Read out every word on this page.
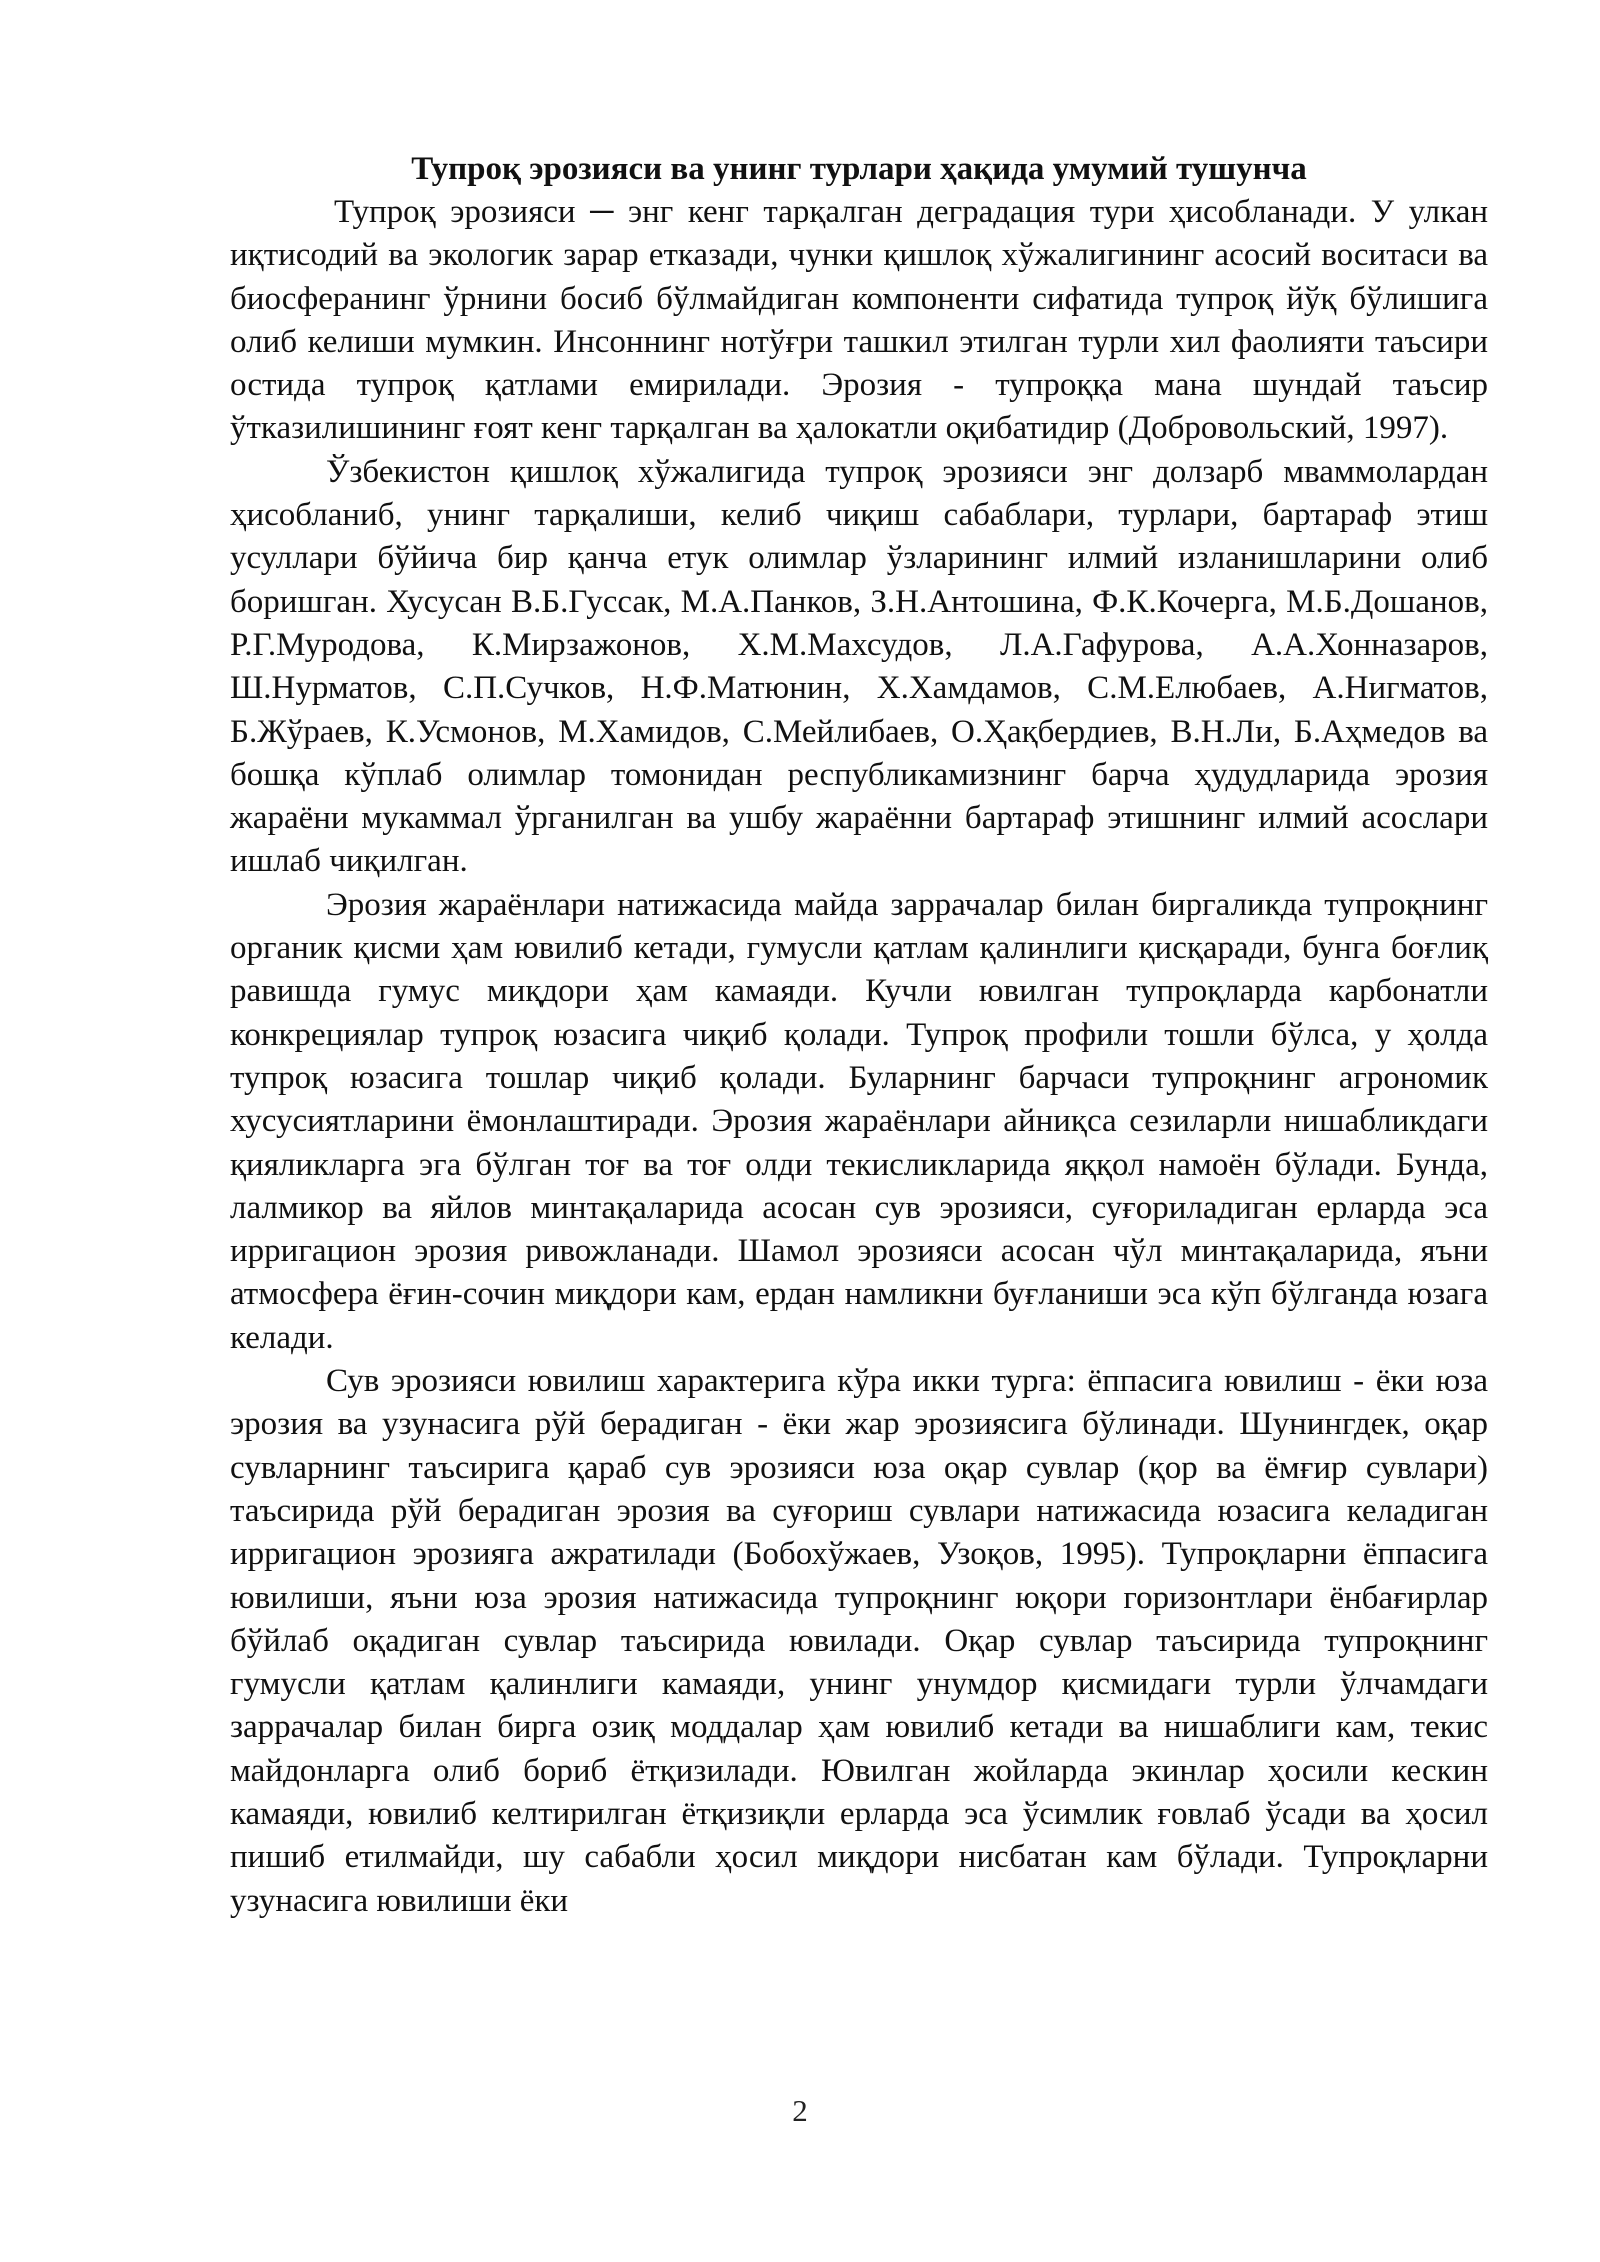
Тупроқ эрозияси ва унинг турлари ҳақида умумий тушунча

Тупроқ эрозияси ─ энг кенг тарқалган деградация тури ҳисобланади. У улкан иқтисодий ва экологик зарар етказади, чунки қишлоқ хўжалигининг асосий воситаси ва биосферанинг ўрнини босиб бўлмайдиган компоненти сифатида тупроқ йўқ бўлишига олиб келиши мумкин. Инсоннинг нотўғри ташкил этилган турли хил фаолияти таъсири остида тупроқ қатлами емирилади. Эрозия - тупроққа мана шундай таъсир ўтказилишининг ғоят кенг тарқалган ва ҳалокатли оқибатидир (Добровольский, 1997).

Ўзбекистон қишлоқ хўжалигида тупроқ эрозияси энг долзарб мваммолардан ҳисобланиб, унинг тарқалиши, келиб чиқиш сабаблари, турлари, бартараф этиш усуллари бўйича бир қанча етук олимлар ўзларининг илмий изланишларини олиб боришган. Хусусан В.Б.Гуссак, М.А.Панков, З.Н.Антошина, Ф.К.Кочерга, М.Б.Дошанов, Р.Г.Муродова, К.Мирзажонов, Х.М.Махсудов, Л.А.Гафурова, А.А.Хонназаров, Ш.Нурматов, С.П.Сучков, Н.Ф.Матюнин, Х.Хамдамов, С.М.Елюбаев, А.Нигматов, Б.Жўраев, К.Усмонов, М.Хамидов, С.Мейлибаев, О.Ҳақбердиев, В.Н.Ли, Б.Аҳмедов ва бошқа кўплаб олимлар томонидан республикамизнинг барча ҳудудларида эрозия жараёни мукаммал ўрганилган ва ушбу жараённи бартараф этишнинг илмий асослари ишлаб чиқилган.

Эрозия жараёнлари натижасида майда заррачалар билан биргаликда тупроқнинг органик қисми ҳам ювилиб кетади, гумусли қатлам қалинлиги қисқаради, бунга боғлиқ равишда гумус миқдори ҳам камаяди. Кучли ювилган тупроқларда карбонатли конкрециялар тупроқ юзасига чиқиб қолади. Тупроқ профили тошли бўлса, у ҳолда тупроқ юзасига тошлар чиқиб қолади. Буларнинг барчаси тупроқнинг агрономик хусусиятларини ёмонлаштиради. Эрозия жараёнлари айниқса сезиларли нишабликдаги қияликларга эга бўлган тоғ ва тоғ олди текисликларида яққол намоён бўлади. Бунда, лалмикор ва яйлов минтақаларида асосан сув эрозияси, суғориладиган ерларда эса ирригацион эрозия ривожланади. Шамол эрозияси асосан чўл минтақаларида, яъни атмосфера ёғин-сочин миқдори кам, ердан намликни буғланиши эса кўп бўлганда юзага келади.

Сув эрозияси ювилиш характерига кўра икки турга: ёппасига ювилиш - ёки юза эрозия ва узунасига рўй берадиган - ёки жар эрозиясига бўлинади. Шунингдек, оқар сувларнинг таъсирига қараб сув эрозияси юза оқар сувлар (қор ва ёмғир сувлари) таъсирида рўй берадиган эрозия ва суғориш сувлари натижасида юзасига келадиган ирригацион эрозияга ажратилади (Бобохўжаев, Узоқов, 1995). Тупроқларни ёппасига ювилиши, яъни юза эрозия натижасида тупроқнинг юқори горизонтлари ёнбағирлар бўйлаб оқадиган сувлар таъсирида ювилади. Оқар сувлар таъсирида тупроқнинг гумусли қатлам қалинлиги камаяди, унинг унумдор қисмидаги турли ўлчамдаги заррачалар билан бирга озиқ моддалар ҳам ювилиб кетади ва нишаблиги кам, текис майдонларга олиб бориб ётқизилади. Ювилган жойларда экинлар ҳосили кескин камаяди, ювилиб келтирилган ётқизиқли ерларда эса ўсимлик ғовлаб ўсади ва ҳосил пишиб етилмайди, шу сабабли ҳосил миқдори нисбатан кам бўлади. Тупроқларни узунасига ювилиши ёки

2
